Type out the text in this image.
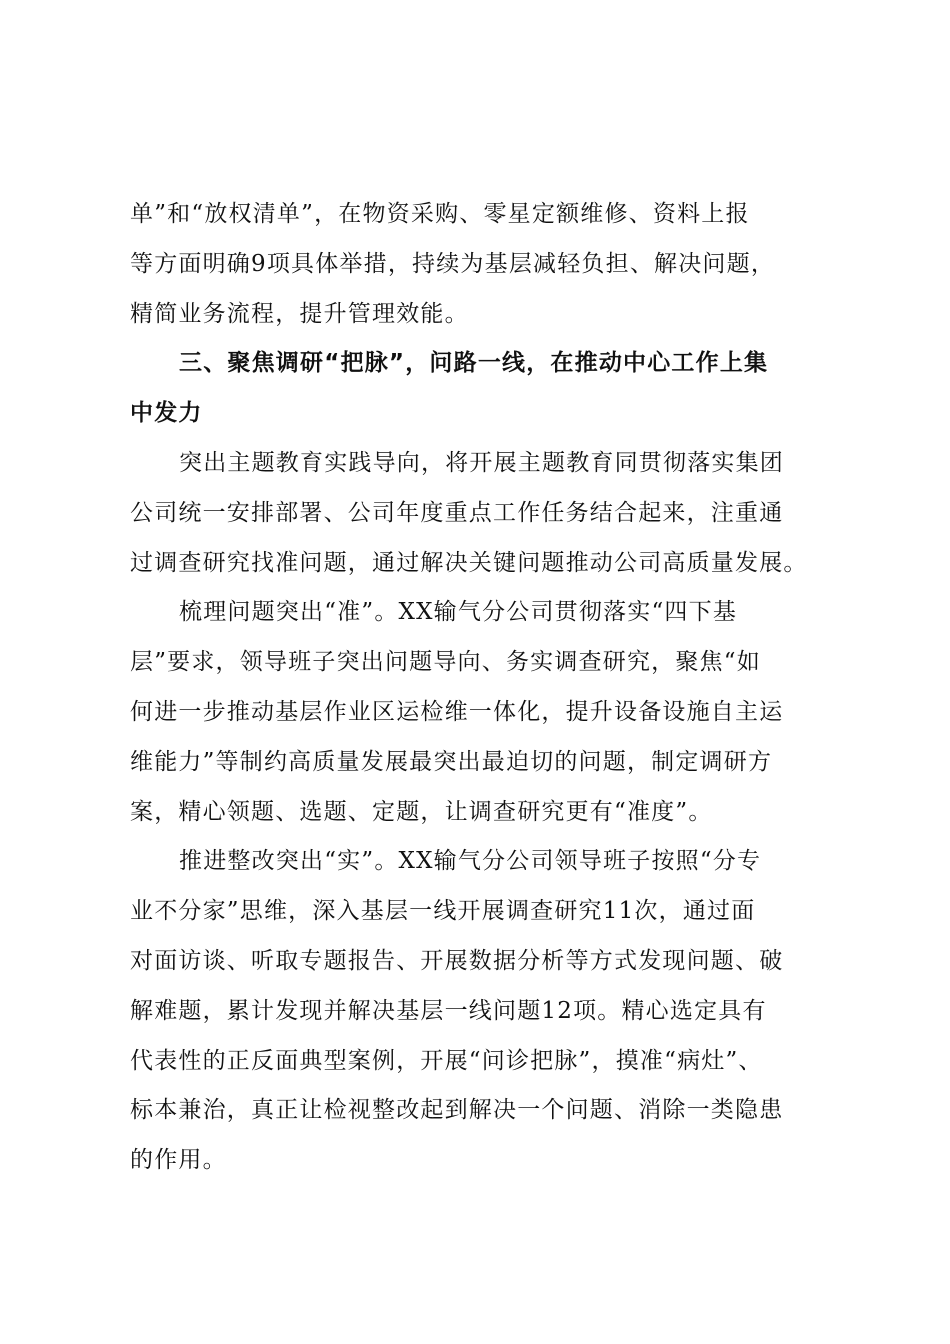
单”和“放权清单”，在物资采购、零星定额维修、资料上报
等方面明确9项具体举措，持续为基层减轻负担、解决问题，
精简业务流程，提升管理效能。
三、聚焦调研“把脉”，问路一线，在推动中心工作上集
中发力
突出主题教育实践导向，将开展主题教育同贯彻落实集团
公司统一安排部署、公司年度重点工作任务结合起来，注重通
过调查研究找准问题，通过解决关键问题推动公司高质量发展。
梳理问题突出“准”。XX输气分公司贯彻落实“四下基
层”要求，领导班子突出问题导向、务实调查研究，聚焦“如
何进一步推动基层作业区运检维一体化，提升设备设施自主运
维能力”等制约高质量发展最突出最迫切的问题，制定调研方
案，精心领题、选题、定题，让调查研究更有“准度”。
推进整改突出“实”。XX输气分公司领导班子按照“分专
业不分家”思维，深入基层一线开展调查研究11次，通过面
对面访谈、听取专题报告、开展数据分析等方式发现问题、破
解难题，累计发现并解决基层一线问题12项。精心选定具有
代表性的正反面典型案例，开展“问诊把脉”，摸准“病灶”、
标本兼治，真正让检视整改起到解决一个问题、消除一类隐患
的作用。
